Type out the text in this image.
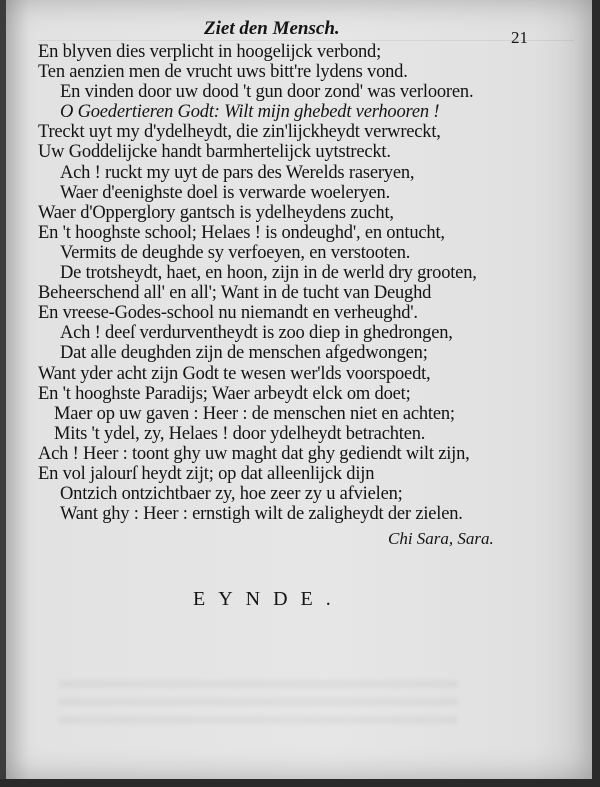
Ziet den Mensch.	21
En blyven dies verplicht in hoogelijck verbond;
Ten aenzien men de vrucht uws bitt're lydens vond.
En vinden door uw dood 't gun door zond' was verlooren.
O Goedertieren Godt: Wilt mijn ghebedt verhooren !
Treckt uyt my d'ydelheydt, die zin'lijckheydt verwreckt,
Uw Goddelijcke handt barmhertelijck uytstreckt.
Ach ! ruckt my uyt de pars des Werelds raseryen,
Waer d'eenighste doel is verwarde woeleryen.
Waer d'Opperglory gantsch is ydelheydens zucht,
En 't hooghste school; Helaes ! is ondeughd', en ontucht,
Vermits de deughde sy verfoeyen, en verstooten.
De trotsheydt, haet, en hoon, zijn in de werld dry grooten,
Beheerschend all' en all'; Want in de tucht van Deughd
En vreese-Godes-school nu niemandt en verheughd'.
Ach ! deeſ verdurventheydt is zoo diep in ghedrongen,
Dat alle deughden zijn de menschen afgedwongen;
Want yder acht zijn Godt te wesen wer'lds voorspoedt,
En 't hooghste Paradijs; Waer arbeydt elck om doet;
Maer op uw gaven : Heer : de menschen niet en achten;
Mits 't ydel, zy, Helaes ! door ydelheydt betrachten.
Ach ! Heer : toont ghy uw maght dat ghy gediendt wilt zijn,
En vol jalourſ heydt zijt; op dat alleenlijck dijn
Ontzich ontzichtbaer zy, hoe zeer zy u afvielen;
Want ghy : Heer : ernstigh wilt de zaligheydt der zielen.
Chi Sara, Sara.
EYNDE.
